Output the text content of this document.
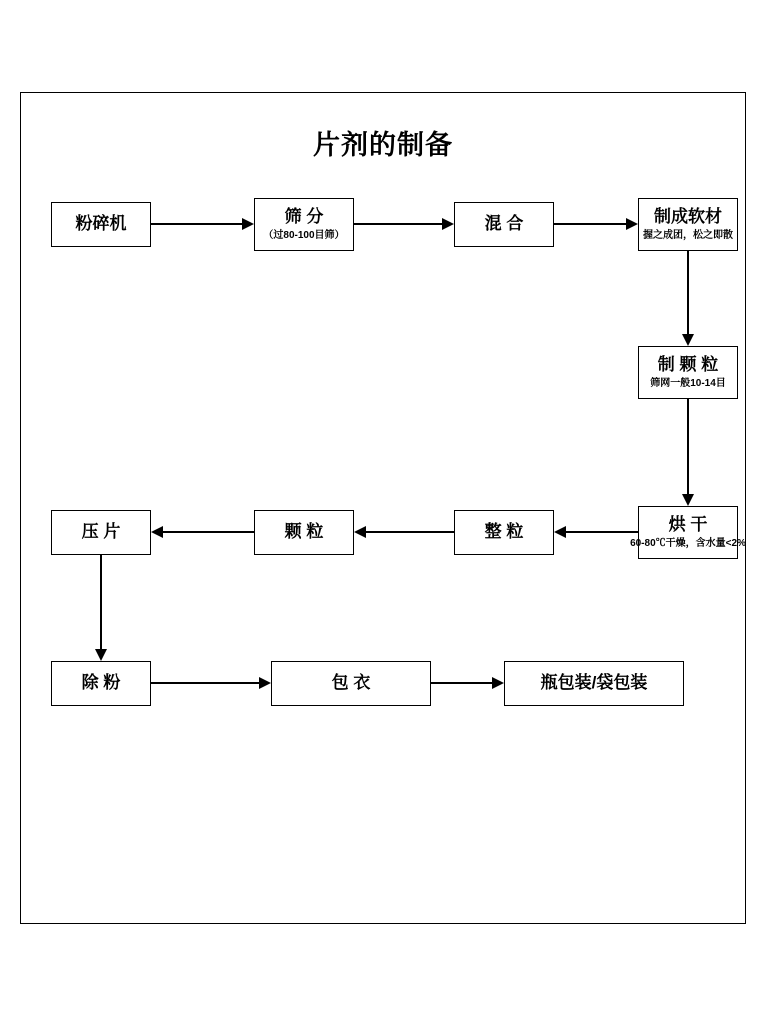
片剂的制备
粉碎机	筛 分
（过80-100目筛）
混 合	制成软材
握之成团，松之即散
制 颗 粒
筛网一般10-14目
烘 干
60-80℃干燥，含水量<2%
整 粒
颗 粒
压 片
除 粉	包 衣	瓶包装/袋包装
